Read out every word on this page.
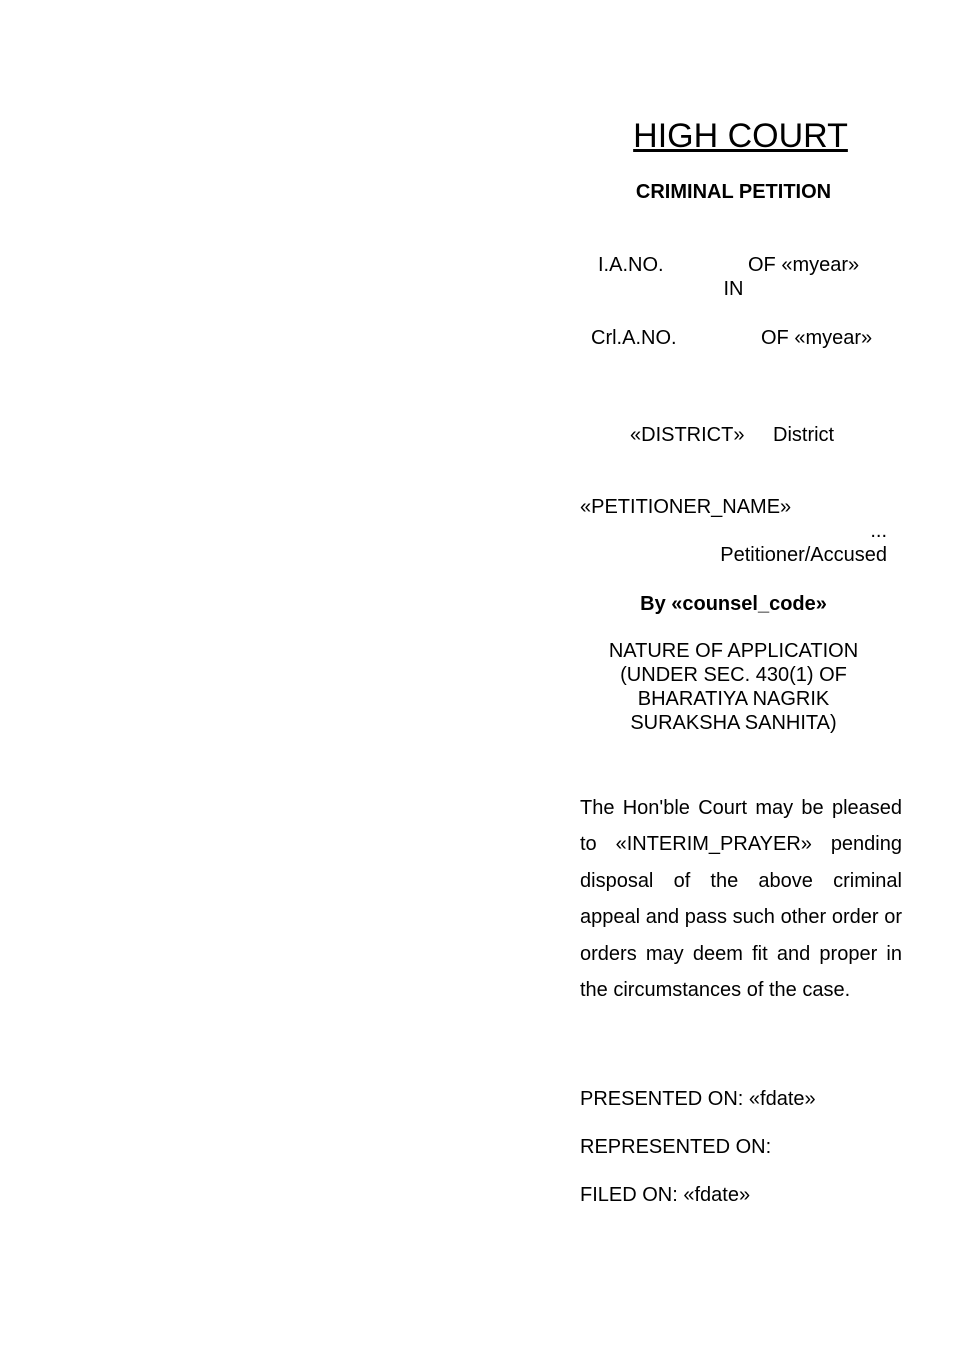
HIGH COURT
CRIMINAL PETITION
I.A.NO.	OF «myear»
IN
Crl.A.NO.	OF «myear»
«DISTRICT» District
«PETITIONER_NAME»
...
Petitioner/Accused
By «counsel_code»
NATURE OF APPLICATION (UNDER SEC. 430(1) OF BHARATIYA NAGRIK SURAKSHA SANHITA)

The Hon'ble Court may be pleased to «INTERIM_PRAYER» pending disposal of the above criminal appeal and pass such other order or orders may deem fit and proper in the circumstances of the case.

PRESENTED ON: «fdate»
REPRESENTED ON:
FILED ON: «fdate»
